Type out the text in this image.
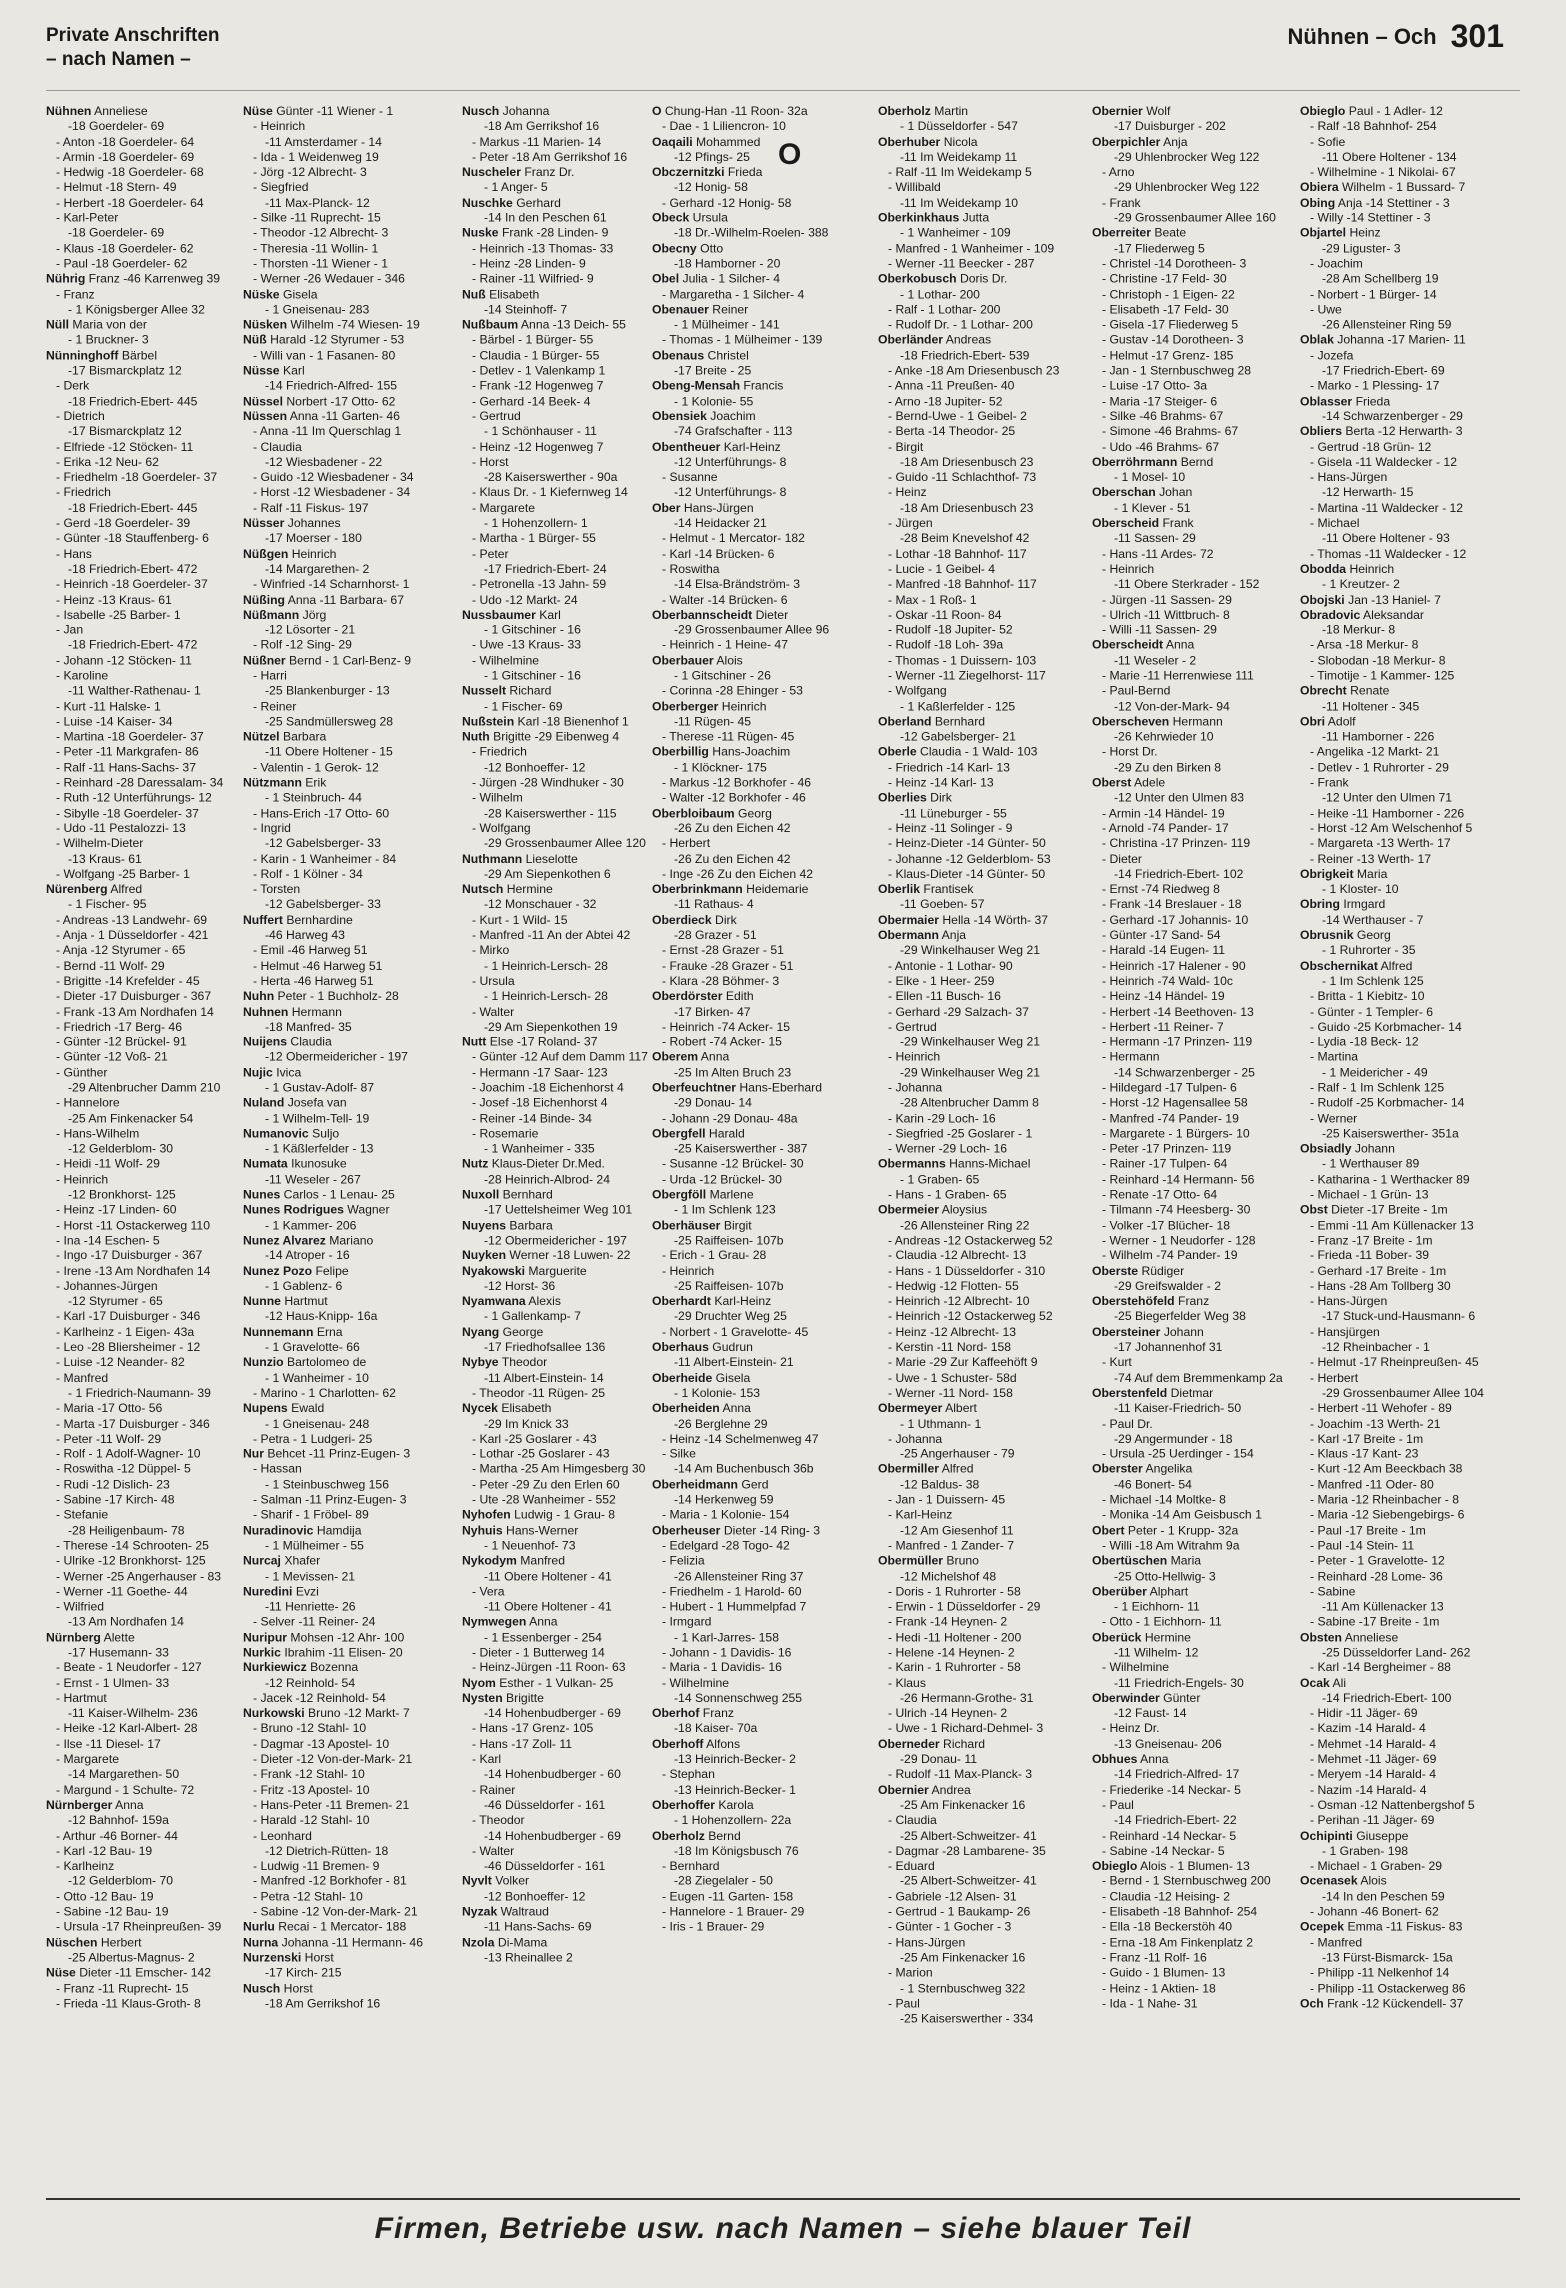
Private Anschriften
– nach Namen –
Nühnen – Och 301
O
Nühnen Anneliese
-18 Goerdeler- 69
- Anton -18 Goerdeler- 64
- Armin -18 Goerdeler- 69
- Hedwig -18 Goerdeler- 68
- Helmut -18 Stern- 49
- Herbert -18 Goerdeler- 64
- Karl-Peter
-18 Goerdeler- 69
- Klaus -18 Goerdeler- 62
- Paul -18 Goerdeler- 62
Nührig Franz -46 Karrenweg 39
- Franz
- 1 Königsberger Allee 32
Nüll Maria von der
- 1 Bruckner- 3
Nünninghoff Bärbel
-17 Bismarckplatz 12
- Derk
-18 Friedrich-Ebert- 445
- Dietrich
-17 Bismarckplatz 12
- Elfriede -12 Stöcken- 11
- Erika -12 Neu- 62
- Friedhelm -18 Goerdeler- 37
- Friedrich
-18 Friedrich-Ebert- 445
- Gerd -18 Goerdeler- 39
- Günter -18 Stauffenberg- 6
- Hans
-18 Friedrich-Ebert- 472
- Heinrich -18 Goerdeler- 37
- Heinz -13 Kraus- 61
- Isabelle -25 Barber- 1
- Jan
-18 Friedrich-Ebert- 472
- Johann -12 Stöcken- 11
- Karoline
-11 Walther-Rathenau- 1
- Kurt -11 Halske- 1
- Luise -14 Kaiser- 34
- Martina -18 Goerdeler- 37
- Peter -11 Markgrafen- 86
- Ralf -11 Hans-Sachs- 37
- Reinhard -28 Daressalam- 34
- Ruth -12 Unterführungs- 12
- Sibylle -18 Goerdeler- 37
- Udo -11 Pestalozzi- 13
- Wilhelm-Dieter
-13 Kraus- 61
- Wolfgang -25 Barber- 1
Nürenberg Alfred
- 1 Fischer- 95
- Andreas -13 Landwehr- 69
- Anja - 1 Düsseldorfer - 421
- Anja -12 Styrumer - 65
- Bernd -11 Wolf- 29
- Brigitte -14 Krefelder - 45
- Dieter -17 Duisburger - 367
- Frank -13 Am Nordhafen 14
- Friedrich -17 Berg- 46
- Günter -12 Brückel- 91
- Günter -12 Voß- 21
- Günther
-29 Altenbrucher Damm 210
- Hannelore
-25 Am Finkenacker 54
- Hans-Wilhelm
-12 Gelderblom- 30
- Heidi -11 Wolf- 29
- Heinrich
-12 Bronkhorst- 125
- Heinz -17 Linden- 60
- Horst -11 Ostackerweg 110
- Ina -14 Eschen- 5
- Ingo -17 Duisburger - 367
- Irene -13 Am Nordhafen 14
- Johannes-Jürgen
-12 Styrumer - 65
- Karl -17 Duisburger - 346
- Karlheinz - 1 Eigen- 43a
- Leo -28 Bliersheimer - 12
- Luise -12 Neander- 82
- Manfred
- 1 Friedrich-Naumann- 39
- Maria -17 Otto- 56
- Marta -17 Duisburger - 346
- Peter -11 Wolf- 29
- Rolf - 1 Adolf-Wagner- 10
- Roswitha -12 Düppel- 5
- Rudi -12 Dislich- 23
- Sabine -17 Kirch- 48
- Stefanie
-28 Heiligenbaum- 78
- Therese -14 Schrooten- 25
- Ulrike -12 Bronkhorst- 125
- Werner -25 Angerhauser - 83
- Werner -11 Goethe- 44
- Wilfried
-13 Am Nordhafen 14
Nürnberg Alette
-17 Husemann- 33
- Beate - 1 Neudorfer - 127
- Ernst - 1 Ulmen- 33
- Hartmut
-11 Kaiser-Wilhelm- 236
- Heike -12 Karl-Albert- 28
- Ilse -11 Diesel- 17
- Margarete
-14 Margarethen- 50
- Margund - 1 Schulte- 72
Nürnberger Anna
-12 Bahnhof- 159a
- Arthur -46 Borner- 44
- Karl -12 Bau- 19
- Karlheinz
-12 Gelderblom- 70
- Otto -12 Bau- 19
- Sabine -12 Bau- 19
- Ursula -17 Rheinpreußen- 39
Nüschen Herbert
-25 Albertus-Magnus- 2
Nüse Dieter -11 Emscher- 142
- Franz -11 Ruprecht- 15
- Frieda -11 Klaus-Groth- 8
Nüse Günter -11 Wiener - 1
- Heinrich
-11 Amsterdamer - 14
- Ida - 1 Weidenweg 19
- Jörg -12 Albrecht- 3
- Siegfried
-11 Max-Planck- 12
- Silke -11 Ruprecht- 15
- Theodor -12 Albrecht- 3
- Theresia -11 Wollin- 1
- Thorsten -11 Wiener - 1
- Werner -26 Wedauer - 346
Nüske Gisela
- 1 Gneisenau- 283
Nüsken Wilhelm -74 Wiesen- 19
Nüß Harald -12 Styrumer - 53
- Willi van - 1 Fasanen- 80
Nüsse Karl
-14 Friedrich-Alfred- 155
Nüssel Norbert -17 Otto- 62
Nüssen Anna -11 Garten- 46
- Anna -11 Im Querschlag 1
- Claudia
-12 Wiesbadener - 22
- Guido -12 Wiesbadener - 34
- Horst -12 Wiesbadener - 34
- Ralf -11 Fiskus- 197
Nüsser Johannes
-17 Moerser - 180
Nüßgen Heinrich
-14 Margarethen- 2
- Winfried -14 Scharnhorst- 1
Nüßing Anna -11 Barbara- 67
Nüßmann Jörg
-12 Lösorter - 21
- Rolf -12 Sing- 29
Nüßner Bernd - 1 Carl-Benz- 9
- Harri
-25 Blankenburger - 13
- Reiner
-25 Sandmüllersweg 28
Nützel Barbara
-11 Obere Holtener - 15
- Valentin - 1 Gerok- 12
Nützmann Erik
- 1 Steinbruch- 44
- Hans-Erich -17 Otto- 60
- Ingrid
-12 Gabelsberger- 33
- Karin - 1 Wanheimer - 84
- Rolf - 1 Kölner - 34
- Torsten
-12 Gabelsberger- 33
Nuffert Bernhardine
-46 Harweg 43
- Emil -46 Harweg 51
- Helmut -46 Harweg 51
- Herta -46 Harweg 51
Nuhn Peter - 1 Buchholz- 28
Nuhnen Hermann
-18 Manfred- 35
Nuijens Claudia
-12 Obermeidericher - 197
Nujic Ivica
- 1 Gustav-Adolf- 87
Nuland Josefa van
- 1 Wilhelm-Tell- 19
Numanovic Suljo
- 1 Käßlerfelder - 13
Numata Ikunosuke
-11 Weseler - 267
Nunes Carlos - 1 Lenau- 25
Nunes Rodrigues Wagner
- 1 Kammer- 206
Nunez Alvarez Mariano
-14 Atroper - 16
Nunez Pozo Felipe
- 1 Gablenz- 6
Nunne Hartmut
-12 Haus-Knipp- 16a
Nunnemann Erna
- 1 Gravelotte- 66
Nunzio Bartolomeo de
- 1 Wanheimer - 10
- Marino - 1 Charlotten- 62
Nupens Ewald
- 1 Gneisenau- 248
- Petra - 1 Ludgeri- 25
Nur Behcet -11 Prinz-Eugen- 3
- Hassan
- 1 Steinbuschweg 156
- Salman -11 Prinz-Eugen- 3
- Sharif - 1 Fröbel- 89
Nuradinovic Hamdija
- 1 Mülheimer - 55
Nurcaj Xhafer
- 1 Mevissen- 21
Nuredini Evzi
-11 Henriette- 26
- Selver -11 Reiner- 24
Nuripur Mohsen -12 Ahr- 100
Nurkic Ibrahim -11 Elisen- 20
Nurkiewicz Bozenna
-12 Reinhold- 54
- Jacek -12 Reinhold- 54
Nurkowski Bruno -12 Markt- 7
- Bruno -12 Stahl- 10
- Dagmar -13 Apostel- 10
- Dieter -12 Von-der-Mark- 21
- Frank -12 Stahl- 10
- Fritz -13 Apostel- 10
- Hans-Peter -11 Bremen- 21
- Harald -12 Stahl- 10
- Leonhard
-12 Dietrich-Rütten- 18
- Ludwig -11 Bremen- 9
- Manfred -12 Borkhofer - 81
- Petra -12 Stahl- 10
- Sabine -12 Von-der-Mark- 21
Nurlu Recai - 1 Mercator- 188
Nurna Johanna -11 Hermann- 46
Nurzenski Horst
-17 Kirch- 215
Nusch Horst
-18 Am Gerrikshof 16
Nusch Johanna
-18 Am Gerrikshof 16
- Markus -11 Marien- 14
- Peter -18 Am Gerrikshof 16
Nuscheler Franz Dr.
- 1 Anger- 5
Nuschke Gerhard
-14 In den Peschen 61
Nuske Frank -28 Linden- 9
- Heinrich -13 Thomas- 33
- Heinz -28 Linden- 9
- Rainer -11 Wilfried- 9
Nuß Elisabeth
-14 Steinhoff- 7
Nußbaum Anna -13 Deich- 55
- Bärbel - 1 Bürger- 55
- Claudia - 1 Bürger- 55
- Detlev - 1 Valenkamp 1
- Frank -12 Hogenweg 7
- Gerhard -14 Beek- 4
- Gertrud
- 1 Schönhauser - 11
- Heinz -12 Hogenweg 7
- Horst
-28 Kaiserswerther - 90a
- Klaus Dr. - 1 Kiefernweg 14
- Margarete
- 1 Hohenzollern- 1
- Martha - 1 Bürger- 55
- Peter
-17 Friedrich-Ebert- 24
- Petronella -13 Jahn- 59
- Udo -12 Markt- 24
Nussbaumer Karl
- 1 Gitschiner - 16
- Uwe -13 Kraus- 33
- Wilhelmine
- 1 Gitschiner - 16
Nusselt Richard
- 1 Fischer- 69
Nußstein Karl -18 Bienenhof 1
Nuth Brigitte -29 Eibenweg 4
- Friedrich
-12 Bonhoeffer- 12
- Jürgen -28 Windhuker - 30
- Wilhelm
-28 Kaiserswerther - 115
- Wolfgang
-29 Grossenbaumer Allee 120
Nuthmann Lieselotte
-29 Am Siepenkothen 6
Nutsch Hermine
-12 Monschauer - 32
- Kurt - 1 Wild- 15
- Manfred -11 An der Abtei 42
- Mirko
- 1 Heinrich-Lersch- 28
- Ursula
- 1 Heinrich-Lersch- 28
- Walter
-29 Am Siepenkothen 19
Nutt Else -17 Roland- 37
- Günter -12 Auf dem Damm 117
- Hermann -17 Saar- 123
- Joachim -18 Eichenhorst 4
- Josef -18 Eichenhorst 4
- Reiner -14 Binde- 34
- Rosemarie
- 1 Wanheimer - 335
Nutz Klaus-Dieter Dr.Med.
-28 Heinrich-Albrod- 24
Nuxoll Bernhard
-17 Uettelsheimer Weg 101
Nuyens Barbara
-12 Obermeidericher - 197
Nuyken Werner -18 Luwen- 22
Nyakowski Marguerite
-12 Horst- 36
Nyamwana Alexis
- 1 Gallenkamp- 7
Nyang George
-17 Friedhofsallee 136
Nybye Theodor
-11 Albert-Einstein- 14
- Theodor -11 Rügen- 25
Nycek Elisabeth
-29 Im Knick 33
- Karl -25 Goslarer - 43
- Lothar -25 Goslarer - 43
- Martha -25 Am Himgesberg 30
- Peter -29 Zu den Erlen 60
- Ute -28 Wanheimer - 552
Nyhofen Ludwig - 1 Grau- 8
Nyhuis Hans-Werner
- 1 Neuenhof- 73
Nykodym Manfred
-11 Obere Holtener - 41
- Vera
-11 Obere Holtener - 41
Nymwegen Anna
- 1 Essenberger - 254
- Dieter - 1 Butterweg 14
- Heinz-Jürgen -11 Roon- 63
Nyom Esther - 1 Vulkan- 25
Nysten Brigitte
-14 Hohenbudberger - 69
- Hans -17 Grenz- 105
- Hans -17 Zoll- 11
- Karl
-14 Hohenbudberger - 60
- Rainer
-46 Düsseldorfer - 161
- Theodor
-14 Hohenbudberger - 69
- Walter
-46 Düsseldorfer - 161
Nyvlt Volker
-12 Bonhoeffer- 12
Nyzak Waltraud
-11 Hans-Sachs- 69
Nzola Di-Mama
-13 Rheinallee 2
O Chung-Han -11 Roon- 32a
- Dae - 1 Liliencron- 10
Oaqaili Mohammed
-12 Pfings- 25
Obczernitzki Frieda
-12 Honig- 58
- Gerhard -12 Honig- 58
Obeck Ursula
-18 Dr.-Wilhelm-Roelen- 388
Obecny Otto
-18 Hamborner - 20
Obel Julia - 1 Silcher- 4
- Margaretha - 1 Silcher- 4
Obenauer Reiner
- 1 Mülheimer - 141
- Thomas - 1 Mülheimer - 139
Obenaus Christel
-17 Breite - 25
Obeng-Mensah Francis
- 1 Kolonie- 55
Obensiek Joachim
-74 Grafschafter - 113
Obentheuer Karl-Heinz
-12 Unterführungs- 8
- Susanne
-12 Unterführungs- 8
Ober Hans-Jürgen
-14 Heidacker 21
- Helmut - 1 Mercator- 182
- Karl -14 Brücken- 6
- Roswitha
-14 Elsa-Brändström- 3
- Walter -14 Brücken- 6
Oberbannscheidt Dieter
-29 Grossenbaumer Allee 96
- Heinrich - 1 Heine- 47
Oberbauer Alois
- 1 Gitschiner - 26
- Corinna -28 Ehinger - 53
Oberberger Heinrich
-11 Rügen- 45
- Therese -11 Rügen- 45
Oberbillig Hans-Joachim
- 1 Klöckner- 175
- Markus -12 Borkhofer - 46
- Walter -12 Borkhofer - 46
Oberbloibaum Georg
-26 Zu den Eichen 42
- Herbert
-26 Zu den Eichen 42
- Inge -26 Zu den Eichen 42
Oberbrinkmann Heidemarie
-11 Rathaus- 4
Oberdieck Dirk
-28 Grazer - 51
- Ernst -28 Grazer - 51
- Frauke -28 Grazer - 51
- Klara -28 Böhmer- 3
Oberdörster Edith
-17 Birken- 47
- Heinrich -74 Acker- 15
- Robert -74 Acker- 15
Oberem Anna
-25 Im Alten Bruch 23
Oberfeuchtner Hans-Eberhard
-29 Donau- 14
- Johann -29 Donau- 48a
Obergfell Harald
-25 Kaiserswerther - 387
- Susanne -12 Brückel- 30
- Urda -12 Brückel- 30
Obergföll Marlene
- 1 Im Schlenk 123
Oberhäuser Birgit
-25 Raiffeisen- 107b
- Erich - 1 Grau- 28
- Heinrich
-25 Raiffeisen- 107b
Oberhardt Karl-Heinz
-29 Druchter Weg 25
- Norbert - 1 Gravelotte- 45
Oberhaus Gudrun
-11 Albert-Einstein- 21
Oberheide Gisela
- 1 Kolonie- 153
Oberheiden Anna
-26 Berglehne 29
- Heinz -14 Schelmenweg 47
- Silke
-14 Am Buchenbusch 36b
Oberheidmann Gerd
-14 Herkenweg 59
- Maria - 1 Kolonie- 154
Oberheuser Dieter -14 Ring- 3
- Edelgard -28 Togo- 42
- Felizia
-26 Allensteiner Ring 37
- Friedhelm - 1 Harold- 60
- Hubert - 1 Hummelpfad 7
- Irmgard
- 1 Karl-Jarres- 158
- Johann - 1 Davidis- 16
- Maria - 1 Davidis- 16
- Wilhelmine
-14 Sonnenschweg 255
Oberhof Franz
-18 Kaiser- 70a
Oberhoff Alfons
-13 Heinrich-Becker- 2
- Stephan
-13 Heinrich-Becker- 1
Oberhoffer Karola
- 1 Hohenzollern- 22a
Oberholz Bernd
-18 Im Königsbusch 76
- Bernhard
-28 Ziegelaler - 50
- Eugen -11 Garten- 158
- Hannelore - 1 Brauer- 29
- Iris - 1 Brauer- 29
Oberholz Martin
- 1 Düsseldorfer - 547
Oberhuber Nicola
-11 Im Weidekamp 11
- Ralf -11 Im Weidekamp 5
- Willibald
-11 Im Weidekamp 10
Oberkinkhaus Jutta
- 1 Wanheimer - 109
- Manfred - 1 Wanheimer - 109
- Werner -11 Beecker - 287
Oberkobusch Doris Dr.
- 1 Lothar- 200
- Ralf - 1 Lothar- 200
- Rudolf Dr. - 1 Lothar- 200
Oberländer Andreas
-18 Friedrich-Ebert- 539
- Anke -18 Am Driesenbusch 23
- Anna -11 Preußen- 40
- Arno -18 Jupiter- 52
- Bernd-Uwe - 1 Geibel- 2
- Berta -14 Theodor- 25
- Birgit
-18 Am Driesenbusch 23
- Guido -11 Schlachthof- 73
- Heinz
-18 Am Driesenbusch 23
- Jürgen
-28 Beim Knevelshof 42
- Lothar -18 Bahnhof- 117
- Lucie - 1 Geibel- 4
- Manfred -18 Bahnhof- 117
- Max - 1 Roß- 1
- Oskar -11 Roon- 84
- Rudolf -18 Jupiter- 52
- Rudolf -18 Loh- 39a
- Thomas - 1 Duissern- 103
- Werner -11 Ziegelhorst- 117
- Wolfgang
- 1 Kaßlerfelder - 125
Oberland Bernhard
-12 Gabelsberger- 21
Oberle Claudia - 1 Wald- 103
- Friedrich -14 Karl- 13
- Heinz -14 Karl- 13
Oberlies Dirk
-11 Lüneburger - 55
- Heinz -11 Solinger - 9
- Heinz-Dieter -14 Günter- 50
- Johanne -12 Gelderblom- 53
- Klaus-Dieter -14 Günter- 50
Oberlik Frantisek
-11 Goeben- 57
Obermaier Hella -14 Wörth- 37
Obermann Anja
-29 Winkelhauser Weg 21
- Antonie - 1 Lothar- 90
- Elke - 1 Heer- 259
- Ellen -11 Busch- 16
- Gerhard -29 Salzach- 37
- Gertrud
-29 Winkelhauser Weg 21
- Heinrich
-29 Winkelhauser Weg 21
- Johanna
-28 Altenbrucher Damm 8
- Karin -29 Loch- 16
- Siegfried -25 Goslarer - 1
- Werner -29 Loch- 16
Obermanns Hanns-Michael
- 1 Graben- 65
- Hans - 1 Graben- 65
Obermeier Aloysius
-26 Allensteiner Ring 22
- Andreas -12 Ostackerweg 52
- Claudia -12 Albrecht- 13
- Hans - 1 Düsseldorfer - 310
- Hedwig -12 Flotten- 55
- Heinrich -12 Albrecht- 10
- Heinrich -12 Ostackerweg 52
- Heinz -12 Albrecht- 13
- Kerstin -11 Nord- 158
- Marie -29 Zur Kaffeehöft 9
- Uwe - 1 Schuster- 58d
- Werner -11 Nord- 158
Obermeyer Albert
- 1 Uthmann- 1
- Johanna
-25 Angerhauser - 79
Obermiller Alfred
-12 Baldus- 38
- Jan - 1 Duissern- 45
- Karl-Heinz
-12 Am Giesenhof 11
- Manfred - 1 Zander- 7
Obermüller Bruno
-12 Michelshof 48
- Doris - 1 Ruhrorter - 58
- Erwin - 1 Düsseldorfer - 29
- Frank -14 Heynen- 2
- Hedi -11 Holtener - 200
- Helene -14 Heynen- 2
- Karin - 1 Ruhrorter - 58
- Klaus
-26 Hermann-Grothe- 31
- Ulrich -14 Heynen- 2
- Uwe - 1 Richard-Dehmel- 3
Oberneder Richard
-29 Donau- 11
- Rudolf -11 Max-Planck- 3
Obernier Andrea
-25 Am Finkenacker 16
- Claudia
-25 Albert-Schweitzer- 41
- Dagmar -28 Lambarene- 35
- Eduard
-25 Albert-Schweitzer- 41
- Gabriele -12 Alsen- 31
- Gertrud - 1 Baukamp- 26
- Günter - 1 Gocher - 3
- Hans-Jürgen
-25 Am Finkenacker 16
- Marion
- 1 Sternbuschweg 322
- Paul
-25 Kaiserswerther - 334
Obernier Wolf
-17 Duisburger - 202
Oberpichler Anja
-29 Uhlenbrocker Weg 122
- Arno
-29 Uhlenbrocker Weg 122
- Frank
-29 Grossenbaumer Allee 160
Oberreiter Beate
-17 Fliederweg 5
- Christel -14 Dorotheen- 3
- Christine -17 Feld- 30
- Christoph - 1 Eigen- 22
- Elisabeth -17 Feld- 30
- Gisela -17 Fliederweg 5
- Gustav -14 Dorotheen- 3
- Helmut -17 Grenz- 185
- Jan - 1 Sternbuschweg 28
- Luise -17 Otto- 3a
- Maria -17 Steiger- 6
- Silke -46 Brahms- 67
- Simone -46 Brahms- 67
- Udo -46 Brahms- 67
Oberröhrmann Bernd
- 1 Mosel- 10
Oberschan Johan
- 1 Klever - 51
Oberscheid Frank
-11 Sassen- 29
- Hans -11 Ardes- 72
- Heinrich
-11 Obere Sterkrader - 152
- Jürgen -11 Sassen- 29
- Ulrich -11 Wittbruch- 8
- Willi -11 Sassen- 29
Oberscheidt Anna
-11 Weseler - 2
- Marie -11 Herrenwiese 111
- Paul-Bernd
-12 Von-der-Mark- 94
Oberscheven Hermann
-26 Kehrwieder 10
- Horst Dr.
-29 Zu den Birken 8
Oberst Adele
-12 Unter den Ulmen 83
- Armin -14 Händel- 19
- Arnold -74 Pander- 17
- Christina -17 Prinzen- 119
- Dieter
-14 Friedrich-Ebert- 102
- Ernst -74 Riedweg 8
- Frank -14 Breslauer - 18
- Gerhard -17 Johannis- 10
- Günter -17 Sand- 54
- Harald -14 Eugen- 11
- Heinrich -17 Halener - 90
- Heinrich -74 Wald- 10c
- Heinz -14 Händel- 19
- Herbert -14 Beethoven- 13
- Herbert -11 Reiner- 7
- Hermann -17 Prinzen- 119
- Hermann
-14 Schwarzenberger - 25
- Hildegard -17 Tulpen- 6
- Horst -12 Hagensallee 58
- Manfred -74 Pander- 19
- Margarete - 1 Bürgers- 10
- Peter -17 Prinzen- 119
- Rainer -17 Tulpen- 64
- Reinhard -14 Hermann- 56
- Renate -17 Otto- 64
- Tilmann -74 Heesberg- 30
- Volker -17 Blücher- 18
- Werner - 1 Neudorfer - 128
- Wilhelm -74 Pander- 19
Oberste Rüdiger
-29 Greifswalder - 2
Oberstehöfeld Franz
-25 Biegerfelder Weg 38
Obersteiner Johann
-17 Johannenhof 31
- Kurt
-74 Auf dem Bremmenkamp 2a
Oberstenfeld Dietmar
-11 Kaiser-Friedrich- 50
- Paul Dr.
-29 Angermunder - 18
- Ursula -25 Uerdinger - 154
Oberster Angelika
-46 Bonert- 54
- Michael -14 Moltke- 8
- Monika -14 Am Geisbusch 1
Obert Peter - 1 Krupp- 32a
- Willi -18 Am Witrahm 9a
Obertüschen Maria
-25 Otto-Hellwig- 3
Oberüber Alphart
- 1 Eichhorn- 11
- Otto - 1 Eichhorn- 11
Oberück Hermine
-11 Wilhelm- 12
- Wilhelmine
-11 Friedrich-Engels- 30
Oberwinder Günter
-12 Faust- 14
- Heinz Dr.
-13 Gneisenau- 206
Obhues Anna
-14 Friedrich-Alfred- 17
- Friederike -14 Neckar- 5
- Paul
-14 Friedrich-Ebert- 22
- Reinhard -14 Neckar- 5
- Sabine -14 Neckar- 5
Obieglo Alois - 1 Blumen- 13
- Bernd - 1 Sternbuschweg 200
- Claudia -12 Heising- 2
- Elisabeth -18 Bahnhof- 254
- Ella -18 Beckerstöh 40
- Erna -18 Am Finkenplatz 2
- Franz -11 Rolf- 16
- Guido - 1 Blumen- 13
- Heinz - 1 Aktien- 18
- Ida - 1 Nahe- 31
Obieglo Paul - 1 Adler- 12
- Ralf -18 Bahnhof- 254
- Sofie
-11 Obere Holtener - 134
- Wilhelmine - 1 Nikolai- 67
Obiera Wilhelm - 1 Bussard- 7
Obing Anja -14 Stettiner - 3
- Willy -14 Stettiner - 3
Objartel Heinz
-29 Liguster- 3
- Joachim
-28 Am Schellberg 19
- Norbert - 1 Bürger- 14
- Uwe
-26 Allensteiner Ring 59
Oblak Johanna -17 Marien- 11
- Jozefa
-17 Friedrich-Ebert- 69
- Marko - 1 Plessing- 17
Oblasser Frieda
-14 Schwarzenberger - 29
Obliers Berta -12 Herwarth- 3
- Gertrud -18 Grün- 12
- Gisela -11 Waldecker - 12
- Hans-Jürgen
-12 Herwarth- 15
- Martina -11 Waldecker - 12
- Michael
-11 Obere Holtener - 93
- Thomas -11 Waldecker - 12
Obodda Heinrich
- 1 Kreutzer- 2
Obojski Jan -13 Haniel- 7
Obradovic Aleksandar
-18 Merkur- 8
- Arsa -18 Merkur- 8
- Slobodan -18 Merkur- 8
- Timotije - 1 Kammer- 125
Obrecht Renate
-11 Holtener - 345
Obri Adolf
-11 Hamborner - 226
- Angelika -12 Markt- 21
- Detlev - 1 Ruhrorter - 29
- Frank
-12 Unter den Ulmen 71
- Heike -11 Hamborner - 226
- Horst -12 Am Welschenhof 5
- Margareta -13 Werth- 17
- Reiner -13 Werth- 17
Obrigkeit Maria
- 1 Kloster- 10
Obring Irmgard
-14 Werthauser - 7
Obrusnik Georg
- 1 Ruhrorter - 35
Obschernikat Alfred
- 1 Im Schlenk 125
- Britta - 1 Kiebitz- 10
- Günter - 1 Templer- 6
- Guido -25 Korbmacher- 14
- Lydia -18 Beck- 12
- Martina
- 1 Meidericher - 49
- Ralf - 1 Im Schlenk 125
- Rudolf -25 Korbmacher- 14
- Werner
-25 Kaiserswerther- 351a
Obsiadly Johann
- 1 Werthauser 89
- Katharina - 1 Werthacker 89
- Michael - 1 Grün- 13
Obst Dieter -17 Breite - 1m
- Emmi -11 Am Küllenacker 13
- Franz -17 Breite - 1m
- Frieda -11 Bober- 39
- Gerhard -17 Breite - 1m
- Hans -28 Am Tollberg 30
- Hans-Jürgen
-17 Stuck-und-Hausmann- 6
- Hansjürgen
-12 Rheinbacher - 1
- Helmut -17 Rheinpreußen- 45
- Herbert
-29 Grossenbaumer Allee 104
- Herbert -11 Wehofer - 89
- Joachim -13 Werth- 21
- Karl -17 Breite - 1m
- Klaus -17 Kant- 23
- Kurt -12 Am Beeckbach 38
- Manfred -11 Oder- 80
- Maria -12 Rheinbacher - 8
- Maria -12 Siebengebirgs- 6
- Paul -17 Breite - 1m
- Paul -14 Stein- 11
- Peter - 1 Gravelotte- 12
- Reinhard -28 Lome- 36
- Sabine
-11 Am Küllenacker 13
- Sabine -17 Breite - 1m
Obsten Anneliese
-25 Düsseldorfer Land- 262
- Karl -14 Bergheimer - 88
Ocak Ali
-14 Friedrich-Ebert- 100
- Hidir -11 Jäger- 69
- Kazim -14 Harald- 4
- Mehmet -14 Harald- 4
- Mehmet -11 Jäger- 69
- Meryem -14 Harald- 4
- Nazim -14 Harald- 4
- Osman -12 Nattenbergshof 5
- Perihan -11 Jäger- 69
Ochipinti Giuseppe
- 1 Graben- 198
- Michael - 1 Graben- 29
Ocenasek Alois
-14 In den Peschen 59
- Johann -46 Bonert- 62
Ocepek Emma -11 Fiskus- 83
- Manfred
-13 Fürst-Bismarck- 15a
- Philipp -11 Nelkenhof 14
- Philipp -11 Ostackerweg 86
Och Frank -12 Kückendell- 37
Firmen, Betriebe usw. nach Namen – siehe blauer Teil
